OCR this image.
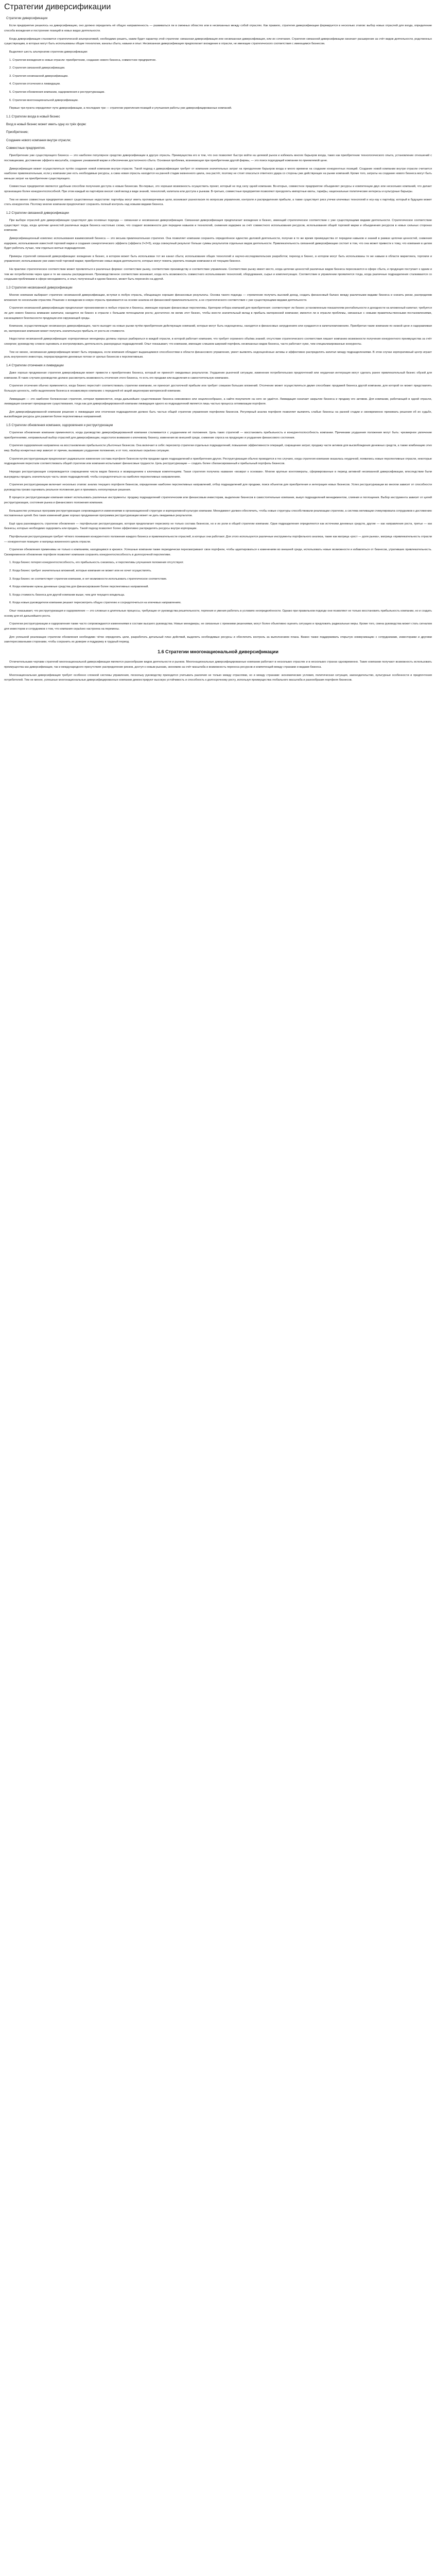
Стратегии диверсификации
Стратегии диверсификации
Если предприятие решилось на диверсификацию, оно должно определить её общую направленность — развиваться ли в смежных областях или в несвязанных между собой отраслях. Как правило, стратегия диверсификации формируется в несколько этапов: выбор новых отраслей для входа, определение способа вхождения и построение позиций в новых видах деятельности.
Когда диверсификация становится стратегической альтернативой, необходимо решить, каким будет характер этой стратегии: связанная диверсификация или несвязанная диверсификация, или их сочетание. Стратегия связанной диверсификации означает расширение за счёт видов деятельности, родственных существующим, в которых могут быть использованы общие технологии, каналы сбыта, навыки и опыт. Несвязанная диверсификация предполагает вхождение в отрасли, не имеющие стратегического соответствия с имеющимся бизнесом.
Выделяют шесть альтернатив стратегии диверсификации:
1. Стратегии вхождения в новые отрасли: приобретение, создание нового бизнеса, совместное предприятие.
2. Стратегия связанной диверсификации.
3. Стратегия несвязанной диверсификации.
4. Стратегии отсечения и ликвидации.
5. Стратегии обновления компании, оздоровления и реструктуризации.
6. Стратегии многонациональной диверсификации.
Первые три пункта определяют пути диверсификации, а последние три — стратегии укрепления позиций и улучшения работы уже диверсифицированных компаний.
1.1 Стратегии входа в новый бизнес
Вход в новый бизнес может иметь одну из трёх форм:
Приобретение;
Создание нового компании внутри отрасли;
Совместные предприятия.
Приобретение уже существующего бизнеса — это наиболее популярное средство диверсификации в другую отрасль. Преимущества его в том, что оно позволяет быстро войти на целевой рынок и избежать многих барьеров входа, таких как приобретение технологического опыта, установление отношений с поставщиками, достижение эффекта масштаба, создание узнаваемой марки и обеспечение достаточного сбыта. Основная проблема, возникающая при приобретении другой фирмы, — это поиск подходящей компании по приемлемой цене.
Диверсификация может осуществляться путём создания новой компании внутри отрасли. Такой подход к диверсификации требует от компании значительных затрат на преодоление барьеров входа и много времени на создание конкурентных позиций. Создание новой компании внутри отрасли считается наиболее привлекательным, если у компании уже есть необходимые ресурсы, а сама новая отрасль находится на ранней стадии жизненного цикла, она растёт, поэтому не стоит опасаться ответного удара со стороны уже действующих на рынке компаний. Кроме того, затраты на создание нового бизнеса могут быть меньше затрат на приобретение существующего.
Совместные предприятия являются удобным способом получения доступа к новым бизнесам. Во-первых, это хорошая возможность осуществить проект, который не под силу одной компании. Во-вторых, совместное предприятие объединяет ресурсы и компетенции двух или нескольких компаний, что делает организацию более конкурентоспособной. При этом каждый из партнёров вносит свой вклад в виде знаний, технологий, капитала или доступа к рынкам. В-третьих, совместные предприятия позволяют преодолеть импортные квоты, тарифы, национальные политические интересы и культурные барьеры.
Тем не менее совместные предприятия имеют существенные недостатки: партнёры могут иметь противоречивые цели, возникают разногласия по вопросам управления, контроля и распределения прибыли, а также существует риск утечки ключевых технологий и ноу-хау к партнёру, который в будущем может стать конкурентом. Поэтому многие компании предпочитают сохранять полный контроль над новыми видами бизнеса.
1.2 Стратегии связанной диверсификации
При выборе отраслей для диверсификации существуют два основных подхода — связанная и несвязанная диверсификация. Связанная диверсификация предполагает вхождение в бизнес, имеющий стратегическое соответствие с уже существующими видами деятельности. Стратегическое соответствие существует тогда, когда цепочки ценностей различных видов бизнеса настолько схожи, что создают возможности для передачи навыков и технологий, снижения издержек за счёт совместного использования ресурсов, использования общей торговой марки и объединения ресурсов в новых сильных сторонах компании.
Диверсификационный комплекс использования взаимосвязей бизнеса — это весьма привлекательная стратегия. Она позволяет компании сохранять определённое единство деловой деятельности, получая в то же время преимущества от передачи навыков и знаний в рамках цепочки ценностей, снижения издержек, использования известной торговой марки и создания синергетического эффекта (эффекта 2+2=5), когда совокупный результат больше суммы результатов отдельных видов деятельности. Привлекательность связанной диверсификации состоит в том, что она может привести к тому, что компания в целом будет работать лучше, чем отдельно взятые подразделения.
Примеры стратегий связанной диверсификации: вхождение в бизнес, в котором может быть использован тот же канал сбыта; использование общих технологий и научно-исследовательских разработок; переход в бизнес, в котором могут быть использованы те же навыки в области маркетинга, торговли и управления; использование уже известной торговой марки; приобретение новых видов деятельности, которые могут помочь укрепить позиции компании в её текущем бизнесе.
На практике стратегическое соответствие может проявляться в различных формах: соответствие рынку, соответствие производству и соответствие управлению. Соответствие рынку имеет место, когда цепочки ценностей различных видов бизнеса пересекаются в сфере сбыта, и продукция поступает к одним и тем же потребителям через одни и те же каналы распределения. Производственное соответствие возникает, когда есть возможность совместного использования технологий, оборудования, сырья и комплектующих. Соответствие в управлении проявляется тогда, когда различные подразделения сталкиваются со сходными проблемами в сфере менеджмента, и опыт, полученный в одном бизнесе, может быть перенесён на другой.
1.3 Стратегия несвязанной диверсификации
Многие компании выбирают стратегию несвязанной диверсификации, вступая в любую отрасль, обещающую хорошие финансовые результаты. Основа такого подхода — стремление получить высокий доход, создать финансовый баланс между различными видами бизнеса и снизить риски, распределив вложения по нескольким отраслям. Решение о вхождении в новую отрасль принимается на основе анализа её финансовой привлекательности, а не стратегического соответствия с уже существующими видами деятельности.
Стратегия несвязанной диверсификации предполагает проникновение в любые отрасли и бизнесы, имеющие хорошие финансовые перспективы. Критерии отбора компаний для приобретения: соответствует ли бизнес установленным показателям рентабельности и доходности на вложенный капитал; требуется ли для нового бизнеса вливание капитала; находится ли бизнес в отрасли с большим потенциалом роста; достаточно ли велик этот бизнес, чтобы внести значительный вклад в прибыль материнской компании; имеются ли в отрасли проблемы, связанные с новыми правительственными постановлениями, касающимися безопасности продукции или окружающей среды.
Компании, осуществляющие несвязанную диверсификацию, часто выходят на новые рынки путём приобретения действующих компаний, которые могут быть недооценены, находятся в финансовых затруднениях или нуждаются в капиталовложениях. Приобретая такие компании по низкой цене и оздоравливая их, материнская компания может получить значительную прибыль от роста их стоимости.
Недостатки несвязанной диверсификации: корпоративные менеджеры должны хорошо разбираться в каждой отрасли, в которой работает компания, что требует огромного объёма знаний; отсутствие стратегического соответствия лишает компанию возможности получения конкурентного преимущества за счёт синергии; руководству сложно оценивать и контролировать деятельность разнородных подразделений. Опыт показывает, что компании, имеющие слишком широкий портфель несвязанных видов бизнеса, часто работают хуже, чем специализированные конкуренты.
Тем не менее, несвязанная диверсификация может быть оправдана, если компания обладает выдающимися способностями в области финансового управления, умеет выявлять недооценённые активы и эффективно распределять капитал между подразделениями. В этом случае корпоративный центр играет роль внутреннего инвестора, перераспределяя денежные потоки от зрелых бизнесов к перспективным.
1.4 Стратегии отсечения и ликвидации
Даже хорошо продуманная стратегия диверсификации может привести к приобретению бизнеса, который не принесёт ожидаемых результатов. Ухудшение рыночной ситуации, изменение потребительских предпочтений или неудачная интеграция могут сделать ранее привлекательный бизнес обузой для компании. В таких случаях руководство должно рассмотреть возможность отсечения этого бизнеса, то есть его продажи или выделения в самостоятельную компанию.
Стратегия отсечения обычно применяется, когда бизнес перестаёт соответствовать стратегии компании, не приносит достаточной прибыли или требует слишком больших вложений. Отсечение может осуществляться двумя способами: продажей бизнеса другой компании, для которой он может представлять большую ценность, либо выделением бизнеса в независимую компанию с передачей её акций акционерам материнской компании.
Ликвидация — это наиболее болезненная стратегия, которая применяется, когда дальнейшее существование бизнеса невозможно или нецелесообразно, а найти покупателя на него не удаётся. Ликвидация означает закрытие бизнеса и продажу его активов. Для компании, работающей в одной отрасли, ликвидация означает прекращение существования, тогда как для диверсифицированной компании ликвидация одного из подразделений является лишь частью процесса оптимизации портфеля.
Для диверсифицированной компании решение о ликвидации или отсечении подразделения должно быть частью общей стратегии управления портфелем бизнесов. Регулярный анализ портфеля позволяет выявлять слабые бизнесы на ранней стадии и своевременно принимать решения об их судьбе, высвобождая ресурсы для развития более перспективных направлений.
1.5 Стратегии обновления компании, оздоровления и реструктуризации
Стратегии обновления компании применяются, когда руководство диверсифицированной компании сталкивается с ухудшением её положения. Цель таких стратегий — восстановить прибыльность и конкурентоспособность компании. Причинами ухудшения положения могут быть: чрезмерное увлечение приобретениями, неправильный выбор отраслей для диверсификации, недостаток внимания к ключевому бизнесу, изменения во внешней среде, снижение спроса на продукцию и ухудшение финансового состояния.
Стратегия оздоровления направлена на восстановление прибыльности убыточных бизнесов. Она включает в себя: пересмотр стратегии отдельных подразделений, повышение эффективности операций, сокращение затрат, продажу части активов для высвобождения денежных средств, а также комбинацию этих мер. Выбор конкретных мер зависит от причин, вызвавших ухудшение положения, и от того, насколько серьёзна ситуация.
Стратегия реструктуризации предполагает радикальное изменение состава портфеля бизнесов путём продажи одних подразделений и приобретения других. Реструктуризация обычно проводится в тех случаях, когда стратегия компании оказалась неудачной, появились новые перспективные отрасли, некоторые подразделения перестали соответствовать общей стратегии или компания испытывает финансовые трудности. Цель реструктуризации — создать более сбалансированный и прибыльный портфель бизнесов.
Нередко реструктуризация сопровождается сокращением числа видов бизнеса и возвращением к ключевым компетенциям. Такая стратегия получила название «возврат к основам». Многие крупные конгломераты, сформированные в период активной несвязанной диверсификации, впоследствии были вынуждены продать значительную часть своих подразделений, чтобы сосредоточиться на наиболее перспективных направлениях.
Стратегия реструктуризации включает несколько этапов: анализ текущего портфеля бизнесов, определение наиболее перспективных направлений, отбор подразделений для продажи, поиск объектов для приобретения и интеграция новых бизнесов. Успех реструктуризации во многом зависит от способности руководства трезво оценивать реальное положение дел и принимать непопулярные решения.
В процессе реструктуризации компания может использовать различные инструменты: продажу подразделений стратегическим или финансовым инвесторам, выделение бизнесов в самостоятельные компании, выкуп подразделений менеджментом, слияния и поглощения. Выбор инструмента зависит от целей реструктуризации, состояния рынка и финансового положения компании.
Большинство успешных программ реструктуризации сопровождаются изменениями в организационной структуре и корпоративной культуре компании. Менеджмент должен обеспечить, чтобы новые структуры способствовали реализации стратегии, а система мотивации стимулировала сотрудников к достижению поставленных целей. Без таких изменений даже хорошо продуманная программа реструктуризации может не дать ожидаемых результатов.
Ещё одна разновидность стратегии обновления — портфельная реструктуризация, которая предполагает пересмотр не только состава бизнесов, но и их роли в общей стратегии компании. Одни подразделения определяются как источники денежных средств, другие — как направления роста, третьи — как бизнесы, которые необходимо оздоровить или продать. Такой подход позволяет более эффективно распределять ресурсы внутри корпорации.
Портфельная реструктуризация требует чёткого понимания конкурентного положения каждого бизнеса и привлекательности отраслей, в которых они работают. Для этого используются различные инструменты портфельного анализа, такие как матрица «рост — доля рынка», матрица «привлекательность отрасли — конкурентная позиция» и матрица жизненного цикла отрасли.
Стратегии обновления применимы не только к компаниям, находящимся в кризисе. Успешные компании также периодически пересматривают свои портфели, чтобы адаптироваться к изменениям во внешней среде, использовать новые возможности и избавляться от бизнесов, утративших привлекательность. Своевременное обновление портфеля позволяет компании сохранять конкурентоспособность в долгосрочной перспективе.
1. Когда бизнес потерял конкурентоспособность, его прибыльность снизилась, и перспективы улучшения положения отсутствуют.
2. Когда бизнес требует значительных вложений, которые компания не может или не хочет осуществлять.
3. Когда бизнес не соответствует стратегии компании, и нет возможности использовать стратегическое соответствие.
4. Когда компании нужны денежные средства для финансирования более перспективных направлений.
5. Когда стоимость бизнеса для другой компании выше, чем для текущего владельца.
6. Когда новые руководители компании решают пересмотреть общую стратегию и сосредоточиться на ключевых направлениях.
Опыт показывает, что реструктуризация и оздоровление — это сложные и длительные процессы, требующие от руководства решительности, терпения и умения работать в условиях неопределённости. Однако при правильном подходе они позволяют не только восстановить прибыльность компании, но и создать основу для её дальнейшего роста.
Стратегии реструктуризации и оздоровления также часто сопровождаются изменениями в составе высшего руководства. Новые менеджеры, не связанные с прежними решениями, могут более объективно оценить ситуацию и предложить радикальные меры. Кроме того, смена руководства может стать сигналом для инвесторов и сотрудников о том, что компания серьёзно настроена на перемены.
Для успешной реализации стратегии обновления необходимо чётко определить цели, разработать детальный план действий, выделить необходимые ресурсы и обеспечить контроль за выполнением плана. Важно также поддерживать открытую коммуникацию с сотрудниками, инвесторами и другими заинтересованными сторонами, чтобы сохранить их доверие и поддержку в трудный период.
1.6 Стратегии многонациональной диверсификации
Отличительными чертами стратегий многонациональной диверсификации являются разнообразие видов деятельности и рынков. Многонациональные диверсифицированные компании работают в нескольких отраслях и в нескольких странах одновременно. Такие компании получают возможность использовать преимущества как диверсификации, так и международного присутствия: распределение рисков, доступ к новым рынкам, экономию за счёт масштаба и возможность переноса ресурсов и компетенций между странами и видами бизнеса.
Многонациональная диверсификация требует особенно сложной системы управления, поскольку руководству приходится учитывать различия не только между отраслями, но и между странами: экономические условия, политическая ситуация, законодательство, культурные особенности и предпочтения потребителей. Тем не менее, успешные многонациональные диверсифицированные компании демонстрируют высокую устойчивость и способность к долгосрочному росту, используя преимущества глобального масштаба и разнообразия портфеля бизнесов.
